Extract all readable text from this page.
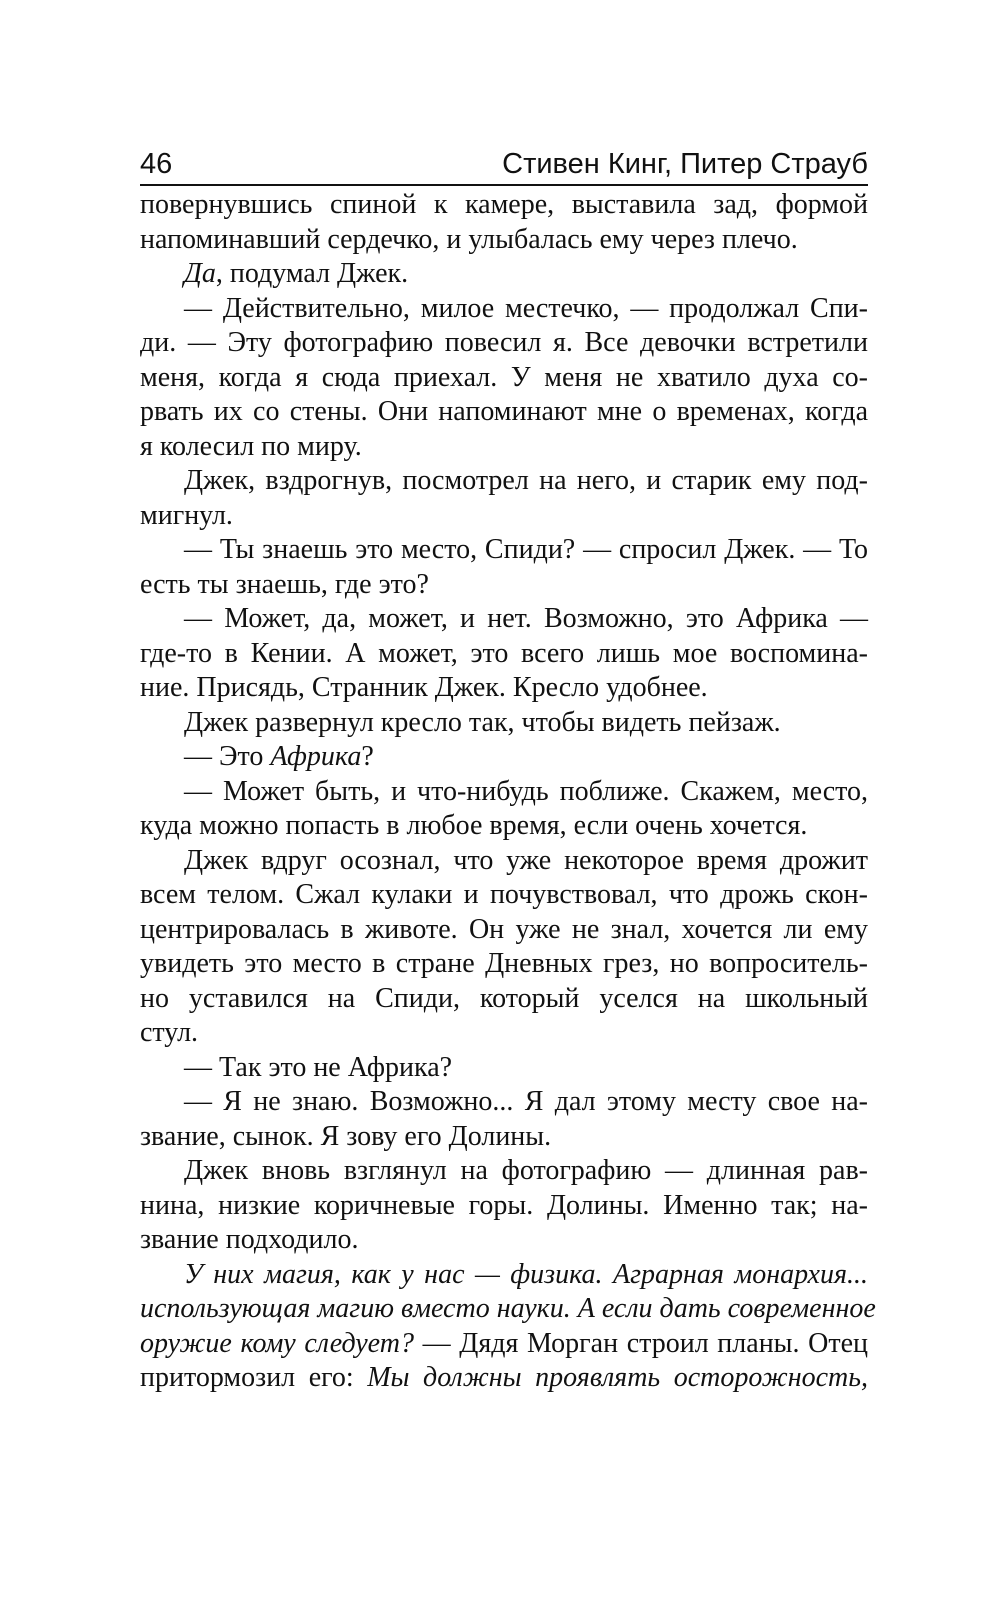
46	Стивен Кинг, Питер Страуб
повернувшись спиной к камере, выставила зад, формой
напоминавший сердечко, и улыбалась ему через плечо.
Да, подумал Джек.
— Действительно, милое местечко, — продолжал Спи-
ди. — Эту фотографию повесил я. Все девочки встретили
меня, когда я сюда приехал. У меня не хватило духа со-
рвать их со стены. Они напоминают мне о временах, когда
я колесил по миру.
Джек, вздрогнув, посмотрел на него, и старик ему под-
мигнул.
— Ты знаешь это место, Спиди? — спросил Джек. — То
есть ты знаешь, где это?
— Может, да, может, и нет. Возможно, это Африка —
где-то в Кении. А может, это всего лишь мое воспомина-
ние. Присядь, Странник Джек. Кресло удобнее.
Джек развернул кресло так, чтобы видеть пейзаж.
— Это Африка?
— Может быть, и что-нибудь поближе. Скажем, место,
куда можно попасть в любое время, если очень хочется.
Джек вдруг осознал, что уже некоторое время дрожит
всем телом. Сжал кулаки и почувствовал, что дрожь скон-
центрировалась в животе. Он уже не знал, хочется ли ему
увидеть это место в стране Дневных грез, но вопроситель-
но уставился на Спиди, который уселся на школьный
стул.
— Так это не Африка?
— Я не знаю. Возможно... Я дал этому месту свое на-
звание, сынок. Я зову его Долины.
Джек вновь взглянул на фотографию — длинная рав-
нина, низкие коричневые горы. Долины. Именно так; на-
звание подходило.
У них магия, как у нас — физика. Аграрная монархия...
использующая магию вместо науки. А если дать современное
оружие кому следует? — Дядя Морган строил планы. Отец
притормозил его: Мы должны проявлять осторожность,
